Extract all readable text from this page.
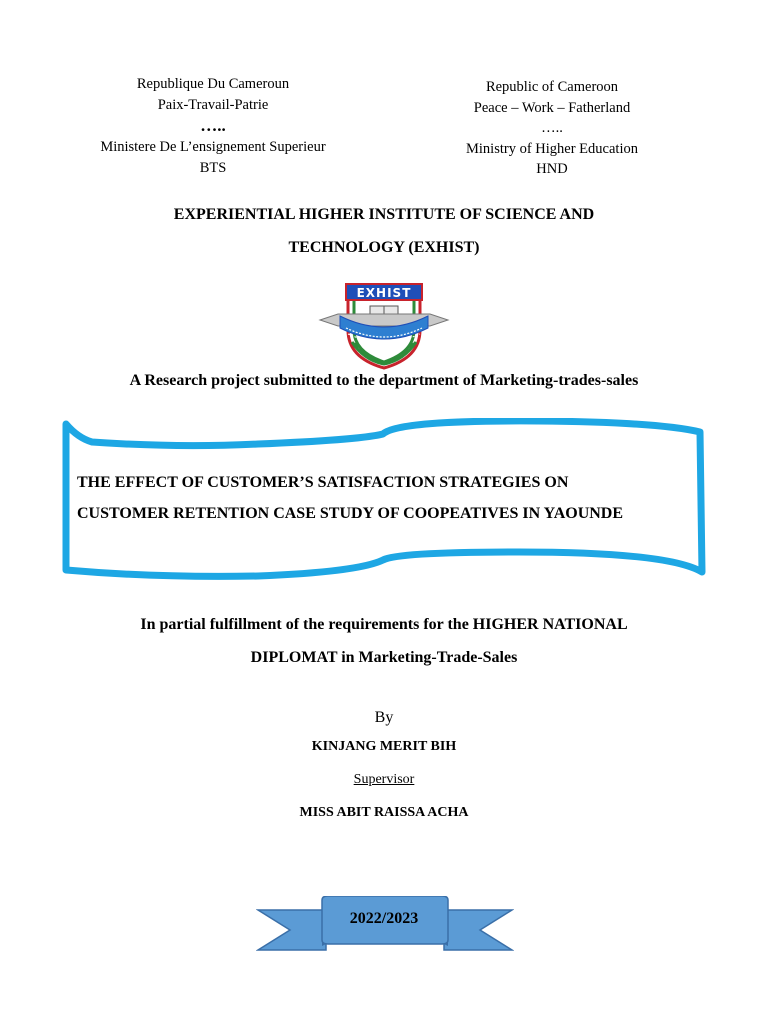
Republique Du Cameroun
Paix-Travail-Patrie
…..
Ministere De L’ensignement Superieur
BTS
Republic of Cameroon
Peace – Work – Fatherland
…..
Ministry of Higher Education
HND
EXPERIENTIAL HIGHER INSTITUTE OF SCIENCE AND
TECHNOLOGY (EXHIST)
EXHIST
A Research project submitted to the department of Marketing-trades-sales
THE EFFECT OF CUSTOMER’S SATISFACTION STRATEGIES ON
CUSTOMER RETENTION CASE STUDY OF COOPEATIVES IN YAOUNDE
In partial fulfillment of the requirements for the HIGHER NATIONAL
DIPLOMAT in Marketing-Trade-Sales
By
KINJANG MERIT BIH
Supervisor
MISS ABIT RAISSA ACHA
2022/2023
